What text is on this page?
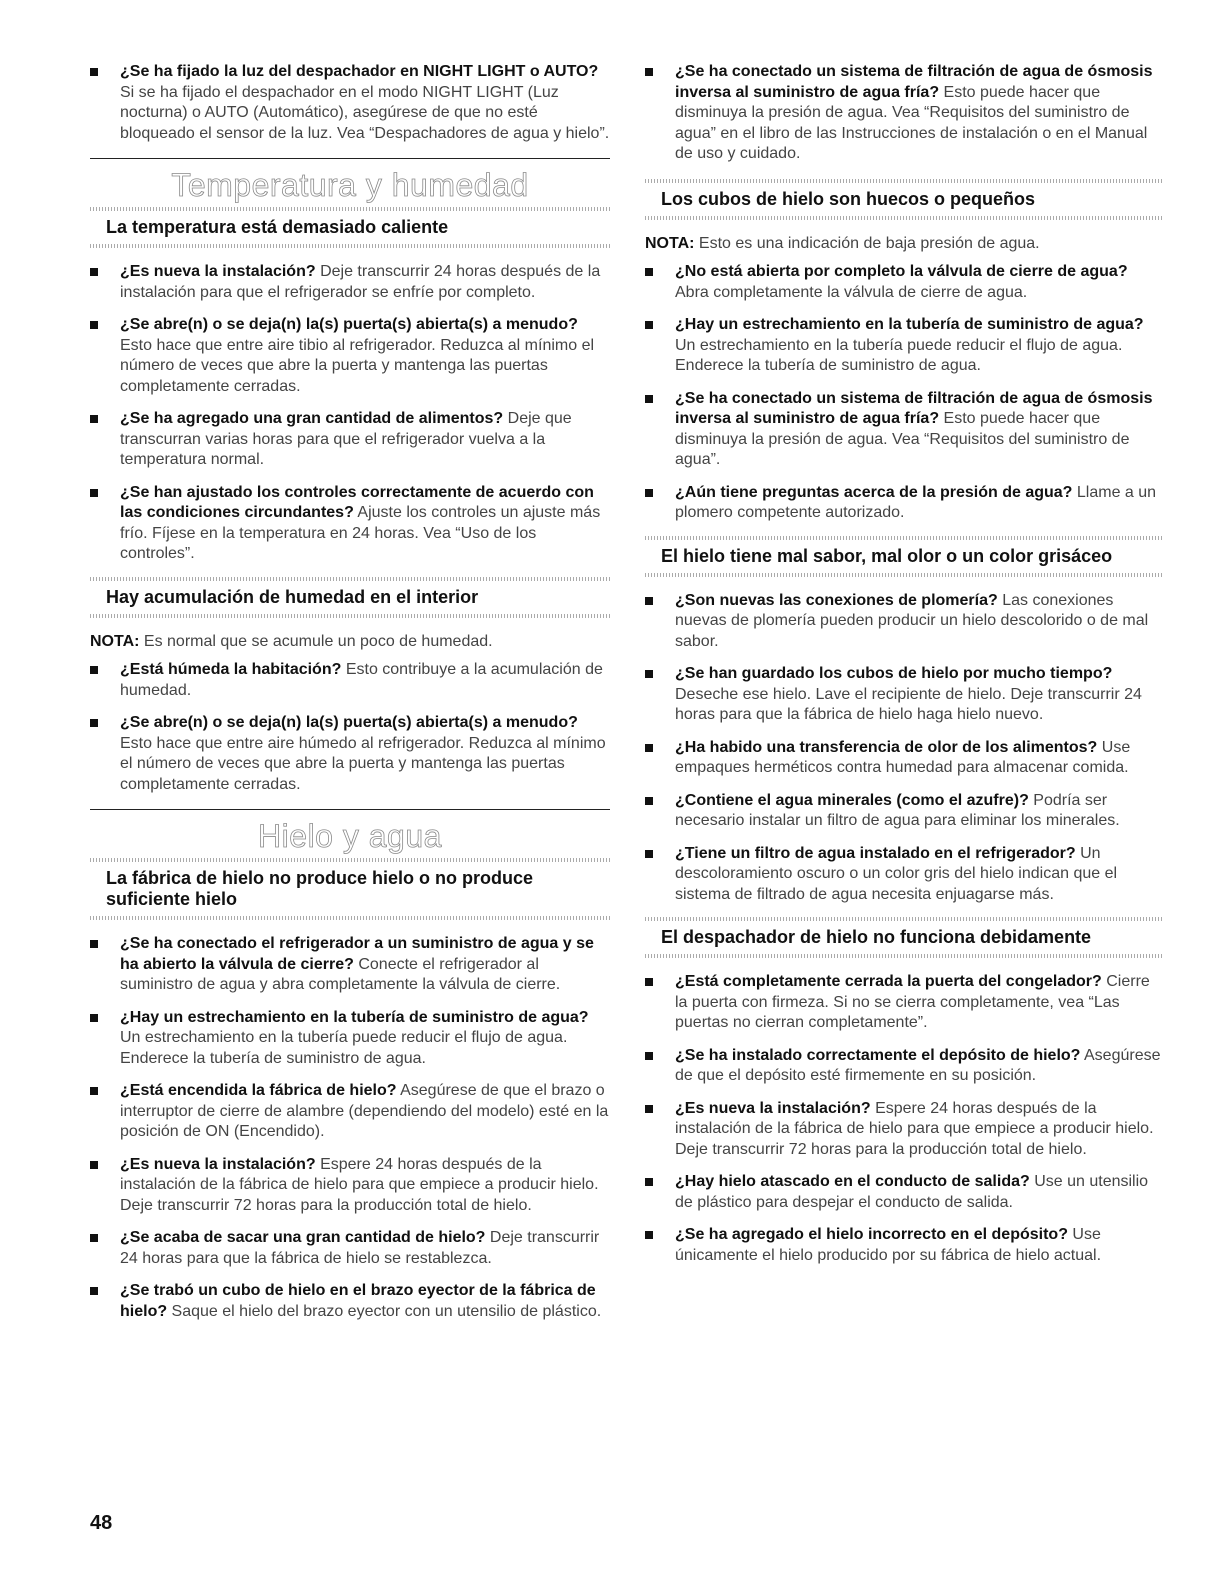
¿Se ha fijado la luz del despachador en NIGHT LIGHT o AUTO? Si se ha fijado el despachador en el modo NIGHT LIGHT (Luz nocturna) o AUTO (Automático), asegúrese de que no esté bloqueado el sensor de la luz. Vea “Despachadores de agua y hielo”.

Temperatura y humedad
La temperatura está demasiado caliente

¿Es nueva la instalación? Deje transcurrir 24 horas después de la instalación para que el refrigerador se enfríe por completo.

¿Se abre(n) o se deja(n) la(s) puerta(s) abierta(s) a menudo? Esto hace que entre aire tibio al refrigerador. Reduzca al mínimo el número de veces que abre la puerta y mantenga las puertas completamente cerradas.

¿Se ha agregado una gran cantidad de alimentos? Deje que transcurran varias horas para que el refrigerador vuelva a la temperatura normal.

¿Se han ajustado los controles correctamente de acuerdo con las condiciones circundantes? Ajuste los controles un ajuste más frío. Fíjese en la temperatura en 24 horas. Vea “Uso de los controles”.

Hay acumulación de humedad en el interior

NOTA: Es normal que se acumule un poco de humedad.

¿Está húmeda la habitación? Esto contribuye a la acumulación de humedad.

¿Se abre(n) o se deja(n) la(s) puerta(s) abierta(s) a menudo? Esto hace que entre aire húmedo al refrigerador. Reduzca al mínimo el número de veces que abre la puerta y mantenga las puertas completamente cerradas.

Hielo y agua
La fábrica de hielo no produce hielo o no produce suficiente hielo

¿Se ha conectado el refrigerador a un suministro de agua y se ha abierto la válvula de cierre? Conecte el refrigerador al suministro de agua y abra completamente la válvula de cierre.

¿Hay un estrechamiento en la tubería de suministro de agua? Un estrechamiento en la tubería puede reducir el flujo de agua. Enderece la tubería de suministro de agua.

¿Está encendida la fábrica de hielo? Asegúrese de que el brazo o interruptor de cierre de alambre (dependiendo del modelo) esté en la posición de ON (Encendido).

¿Es nueva la instalación? Espere 24 horas después de la instalación de la fábrica de hielo para que empiece a producir hielo. Deje transcurrir 72 horas para la producción total de hielo.

¿Se acaba de sacar una gran cantidad de hielo? Deje transcurrir 24 horas para que la fábrica de hielo se restablezca.

¿Se trabó un cubo de hielo en el brazo eyector de la fábrica de hielo? Saque el hielo del brazo eyector con un utensilio de plástico.

¿Se ha conectado un sistema de filtración de agua de ósmosis inversa al suministro de agua fría? Esto puede hacer que disminuya la presión de agua. Vea “Requisitos del suministro de agua” en el libro de las Instrucciones de instalación o en el Manual de uso y cuidado.

Los cubos de hielo son huecos o pequeños

NOTA: Esto es una indicación de baja presión de agua.

¿No está abierta por completo la válvula de cierre de agua? Abra completamente la válvula de cierre de agua.

¿Hay un estrechamiento en la tubería de suministro de agua? Un estrechamiento en la tubería puede reducir el flujo de agua. Enderece la tubería de suministro de agua.

¿Se ha conectado un sistema de filtración de agua de ósmosis inversa al suministro de agua fría? Esto puede hacer que disminuya la presión de agua. Vea “Requisitos del suministro de agua”.

¿Aún tiene preguntas acerca de la presión de agua? Llame a un plomero competente autorizado.

El hielo tiene mal sabor, mal olor o un color grisáceo

¿Son nuevas las conexiones de plomería? Las conexiones nuevas de plomería pueden producir un hielo descolorido o de mal sabor.

¿Se han guardado los cubos de hielo por mucho tiempo? Deseche ese hielo. Lave el recipiente de hielo. Deje transcurrir 24 horas para que la fábrica de hielo haga hielo nuevo.

¿Ha habido una transferencia de olor de los alimentos? Use empaques herméticos contra humedad para almacenar comida.

¿Contiene el agua minerales (como el azufre)? Podría ser necesario instalar un filtro de agua para eliminar los minerales.

¿Tiene un filtro de agua instalado en el refrigerador? Un descoloramiento oscuro o un color gris del hielo indican que el sistema de filtrado de agua necesita enjuagarse más.

El despachador de hielo no funciona debidamente

¿Está completamente cerrada la puerta del congelador? Cierre la puerta con firmeza. Si no se cierra completamente, vea “Las puertas no cierran completamente”.

¿Se ha instalado correctamente el depósito de hielo? Asegúrese de que el depósito esté firmemente en su posición.

¿Es nueva la instalación? Espere 24 horas después de la instalación de la fábrica de hielo para que empiece a producir hielo. Deje transcurrir 72 horas para la producción total de hielo.

¿Hay hielo atascado en el conducto de salida? Use un utensilio de plástico para despejar el conducto de salida.

¿Se ha agregado el hielo incorrecto en el depósito? Use únicamente el hielo producido por su fábrica de hielo actual.

48
